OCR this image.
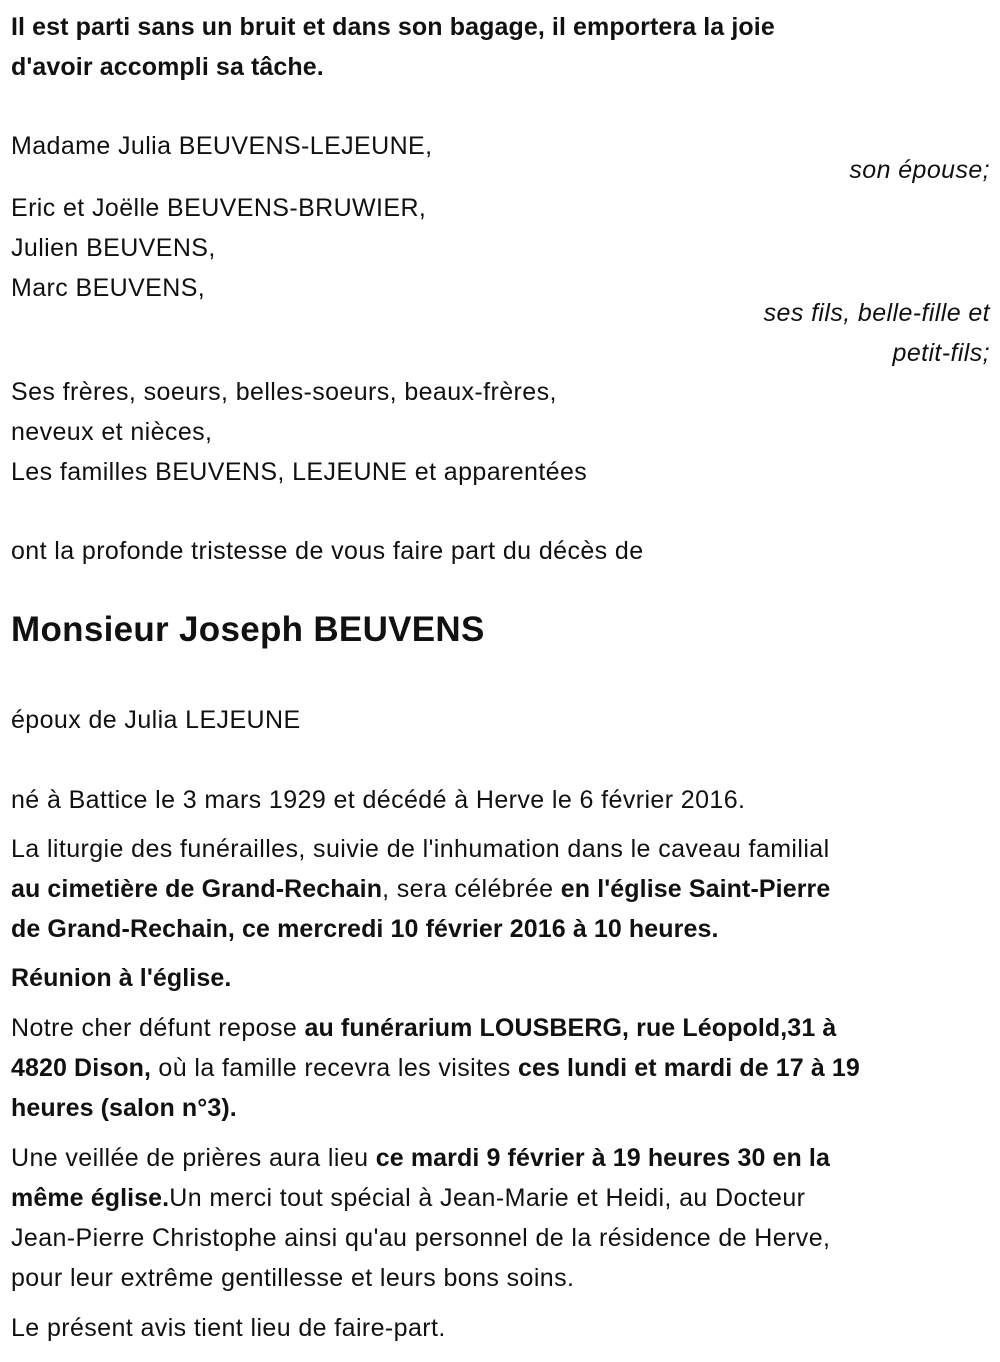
Il est parti sans un bruit et dans son bagage, il emportera la joie
d'avoir accompli sa tâche.
Madame Julia BEUVENS-LEJEUNE,
son épouse;
Eric et Joëlle BEUVENS-BRUWIER,
Julien BEUVENS,
Marc BEUVENS,
ses fils, belle-fille et
petit-fils;
Ses frères, soeurs, belles-soeurs, beaux-frères,
neveux et nièces,
Les familles BEUVENS, LEJEUNE et apparentées
ont la profonde tristesse de vous faire part du décès de
Monsieur Joseph BEUVENS
époux de Julia LEJEUNE
né à Battice le 3 mars 1929 et décédé à Herve le 6 février 2016.
La liturgie des funérailles, suivie de l'inhumation dans le caveau familial
au cimetière de Grand-Rechain, sera célébrée en l'église Saint-Pierre
de Grand-Rechain, ce mercredi 10 février 2016 à 10 heures.
Réunion à l'église.
Notre cher défunt repose au funérarium LOUSBERG, rue Léopold,31 à
4820 Dison, où la famille recevra les visites ces lundi et mardi de 17 à 19
heures (salon n°3).
Une veillée de prières aura lieu ce mardi 9 février à 19 heures 30 en la
même église.Un merci tout spécial à Jean-Marie et Heidi, au Docteur
Jean-Pierre Christophe ainsi qu'au personnel de la résidence de Herve,
pour leur extrême gentillesse et leurs bons soins.
Le présent avis tient lieu de faire-part.
